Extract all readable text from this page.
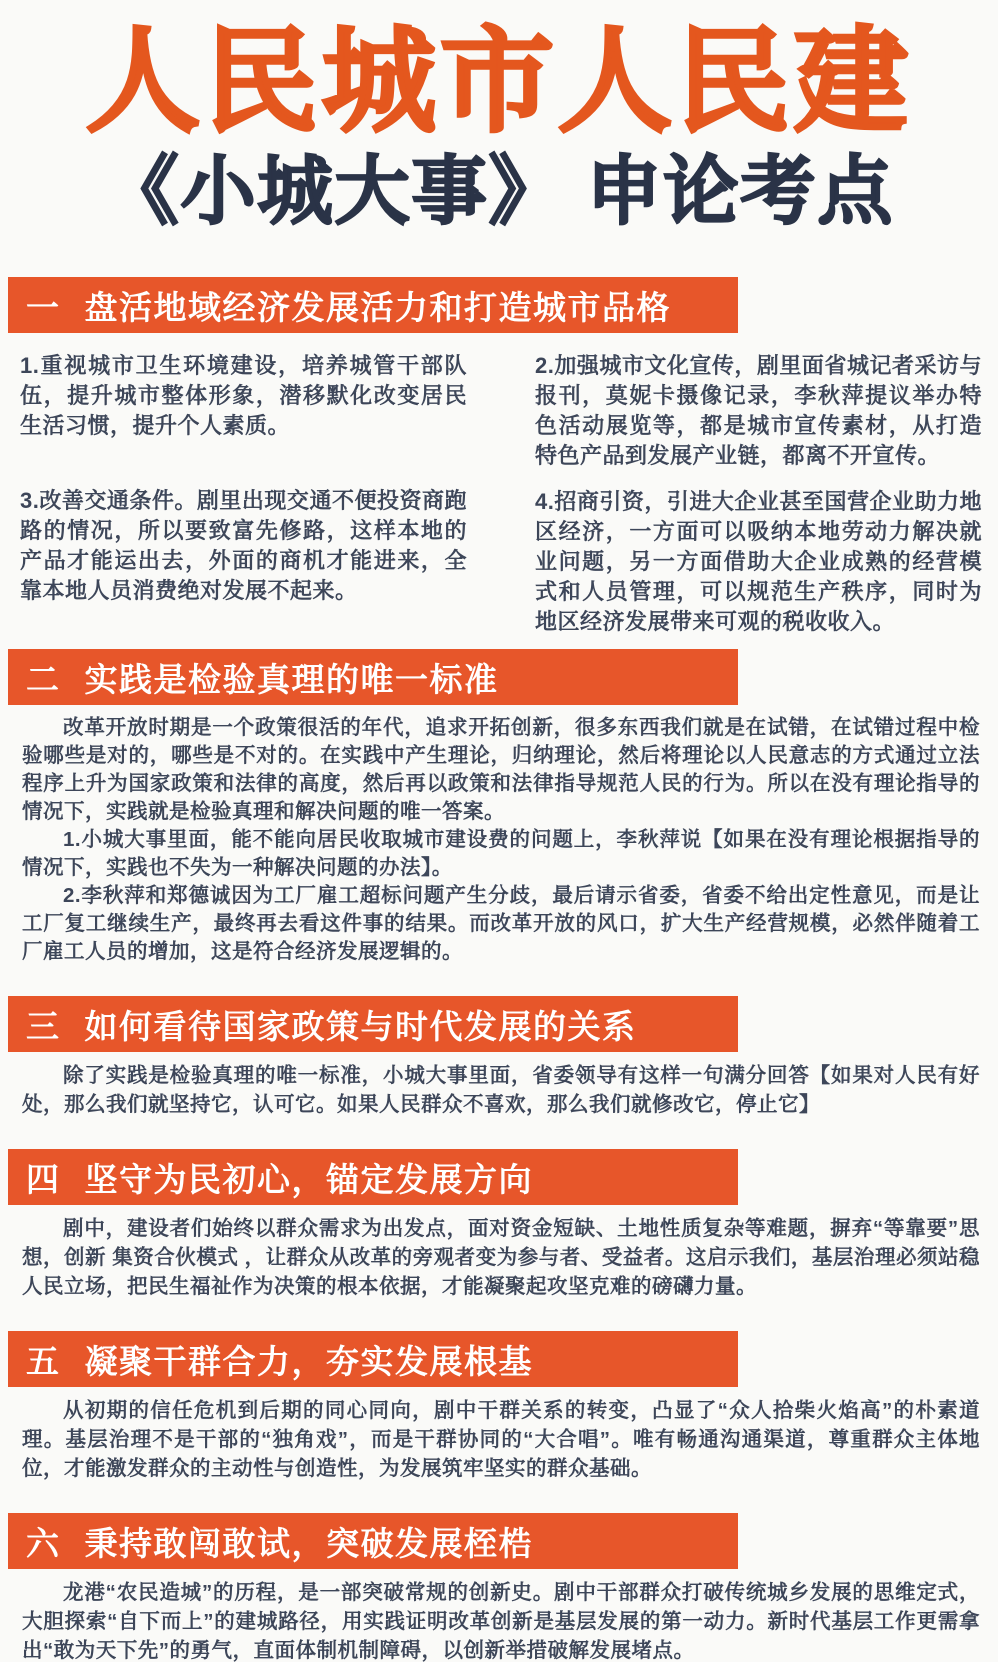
人民城市人民建
《小城大事》 申论考点
一 盘活地域经济发展活力和打造城市品格

1.重视城市卫生环境建设，培养城管干部队伍，提升城市整体形象，潜移默化改变居民生活习惯，提升个人素质。

3.改善交通条件。剧里出现交通不便投资商跑路的情况，所以要致富先修路，这样本地的产品才能运出去，外面的商机才能进来，全靠本地人员消费绝对发展不起来。

2.加强城市文化宣传，剧里面省城记者采访与报刊，莫妮卡摄像记录，李秋萍提议举办特色活动展览等，都是城市宣传素材，从打造特色产品到发展产业链，都离不开宣传。

4.招商引资，引进大企业甚至国营企业助力地区经济，一方面可以吸纳本地劳动力解决就业问题，另一方面借助大企业成熟的经营模式和人员管理，可以规范生产秩序，同时为地区经济发展带来可观的税收收入。

二 实践是检验真理的唯一标准

改革开放时期是一个政策很活的年代，追求开拓创新，很多东西我们就是在试错，在试错过程中检验哪些是对的，哪些是不对的。在实践中产生理论，归纳理论，然后将理论以人民意志的方式通过立法程序上升为国家政策和法律的高度，然后再以政策和法律指导规范人民的行为。所以在没有理论指导的情况下，实践就是检验真理和解决问题的唯一答案。

1.小城大事里面，能不能向居民收取城市建设费的问题上，李秋萍说【如果在没有理论根据指导的情况下，实践也不失为一种解决问题的办法】。

2.李秋萍和郑德诚因为工厂雇工超标问题产生分歧，最后请示省委，省委不给出定性意见，而是让工厂复工继续生产，最终再去看这件事的结果。而改革开放的风口，扩大生产经营规模，必然伴随着工厂雇工人员的增加，这是符合经济发展逻辑的。

三 如何看待国家政策与时代发展的关系

除了实践是检验真理的唯一标准，小城大事里面，省委领导有这样一句满分回答【如果对人民有好处，那么我们就坚持它，认可它。如果人民群众不喜欢，那么我们就修改它，停止它】

四 坚守为民初心，锚定发展方向

剧中，建设者们始终以群众需求为出发点，面对资金短缺、土地性质复杂等难题，摒弃“等靠要”思想，创新 集资合伙模式 ，让群众从改革的旁观者变为参与者、受益者。这启示我们，基层治理必须站稳人民立场，把民生福祉作为决策的根本依据，才能凝聚起攻坚克难的磅礴力量。

五 凝聚干群合力，夯实发展根基

从初期的信任危机到后期的同心同向，剧中干群关系的转变，凸显了“众人拾柴火焰高”的朴素道理。基层治理不是干部的“独角戏”，而是干群协同的“大合唱”。唯有畅通沟通渠道，尊重群众主体地位，才能激发群众的主动性与创造性，为发展筑牢坚实的群众基础。

六 秉持敢闯敢试，突破发展桎梏

龙港“农民造城”的历程，是一部突破常规的创新史。剧中干部群众打破传统城乡发展的思维定式，大胆探索“自下而上”的建城路径，用实践证明改革创新是基层发展的第一动力。新时代基层工作更需拿出“敢为天下先”的勇气，直面体制机制障碍，以创新举措破解发展堵点。
